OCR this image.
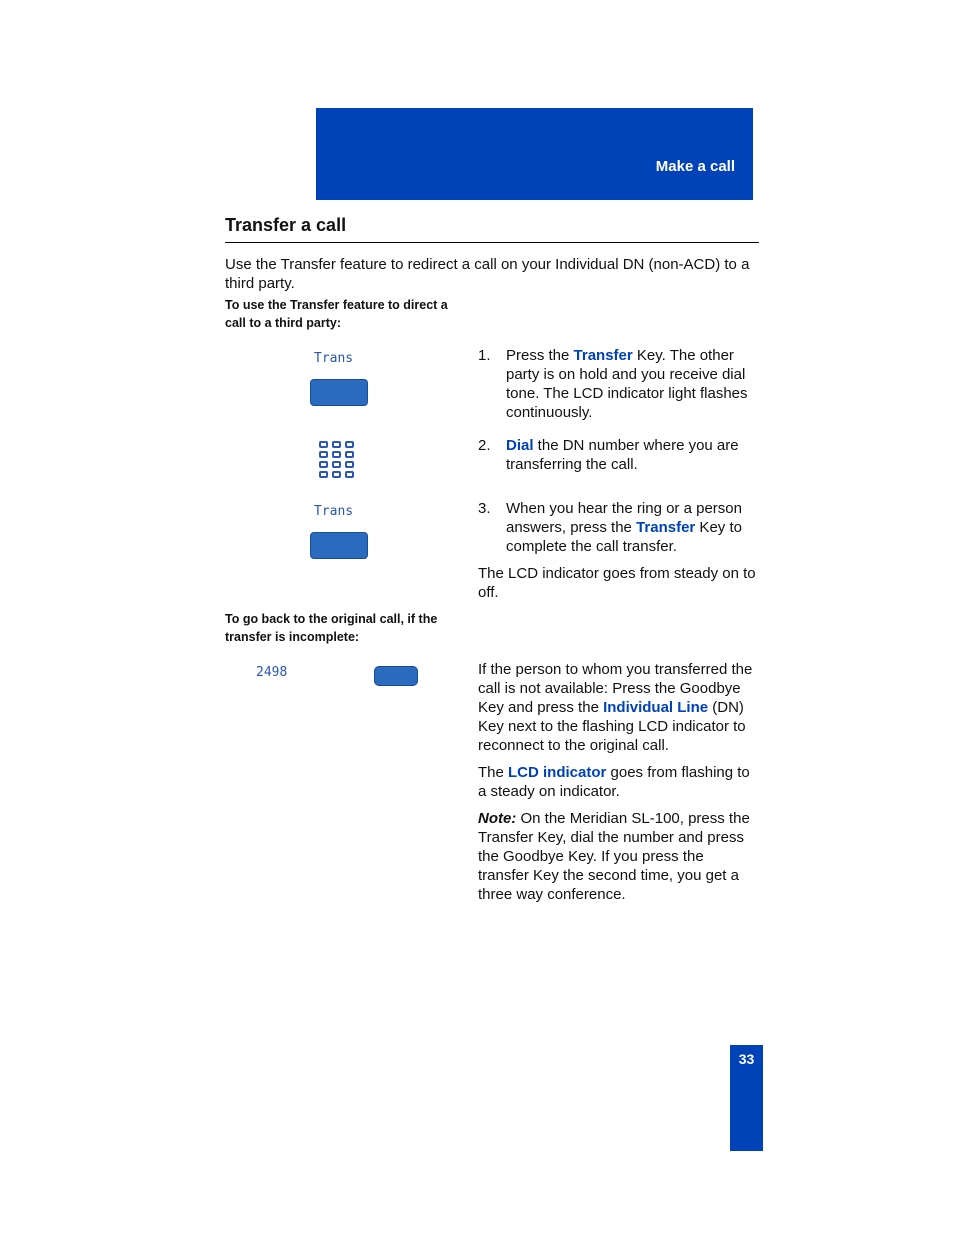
Make a call
Transfer a call

Use the Transfer feature to redirect a call on your Individual DN (non-ACD) to a third party.

To use the Transfer feature to direct a call to a third party:

Trans
Trans
2498

1.	Press the Transfer Key. The other party is on hold and you receive dial tone. The LCD indicator light flashes continuously.

2.	Dial the DN number where you are transferring the call.

3.	When you hear the ring or a person answers, press the Transfer Key to complete the call transfer.

The LCD indicator goes from steady on to off.

To go back to the original call, if the transfer is incomplete:

If the person to whom you transferred the call is not available: Press the Goodbye Key and press the Individual Line (DN) Key next to the flashing LCD indicator to reconnect to the original call.

The LCD indicator goes from flashing to a steady on indicator.

Note: On the Meridian SL-100, press the Transfer Key, dial the number and press the Goodbye Key. If you press the transfer Key the second time, you get a three way conference.

33
